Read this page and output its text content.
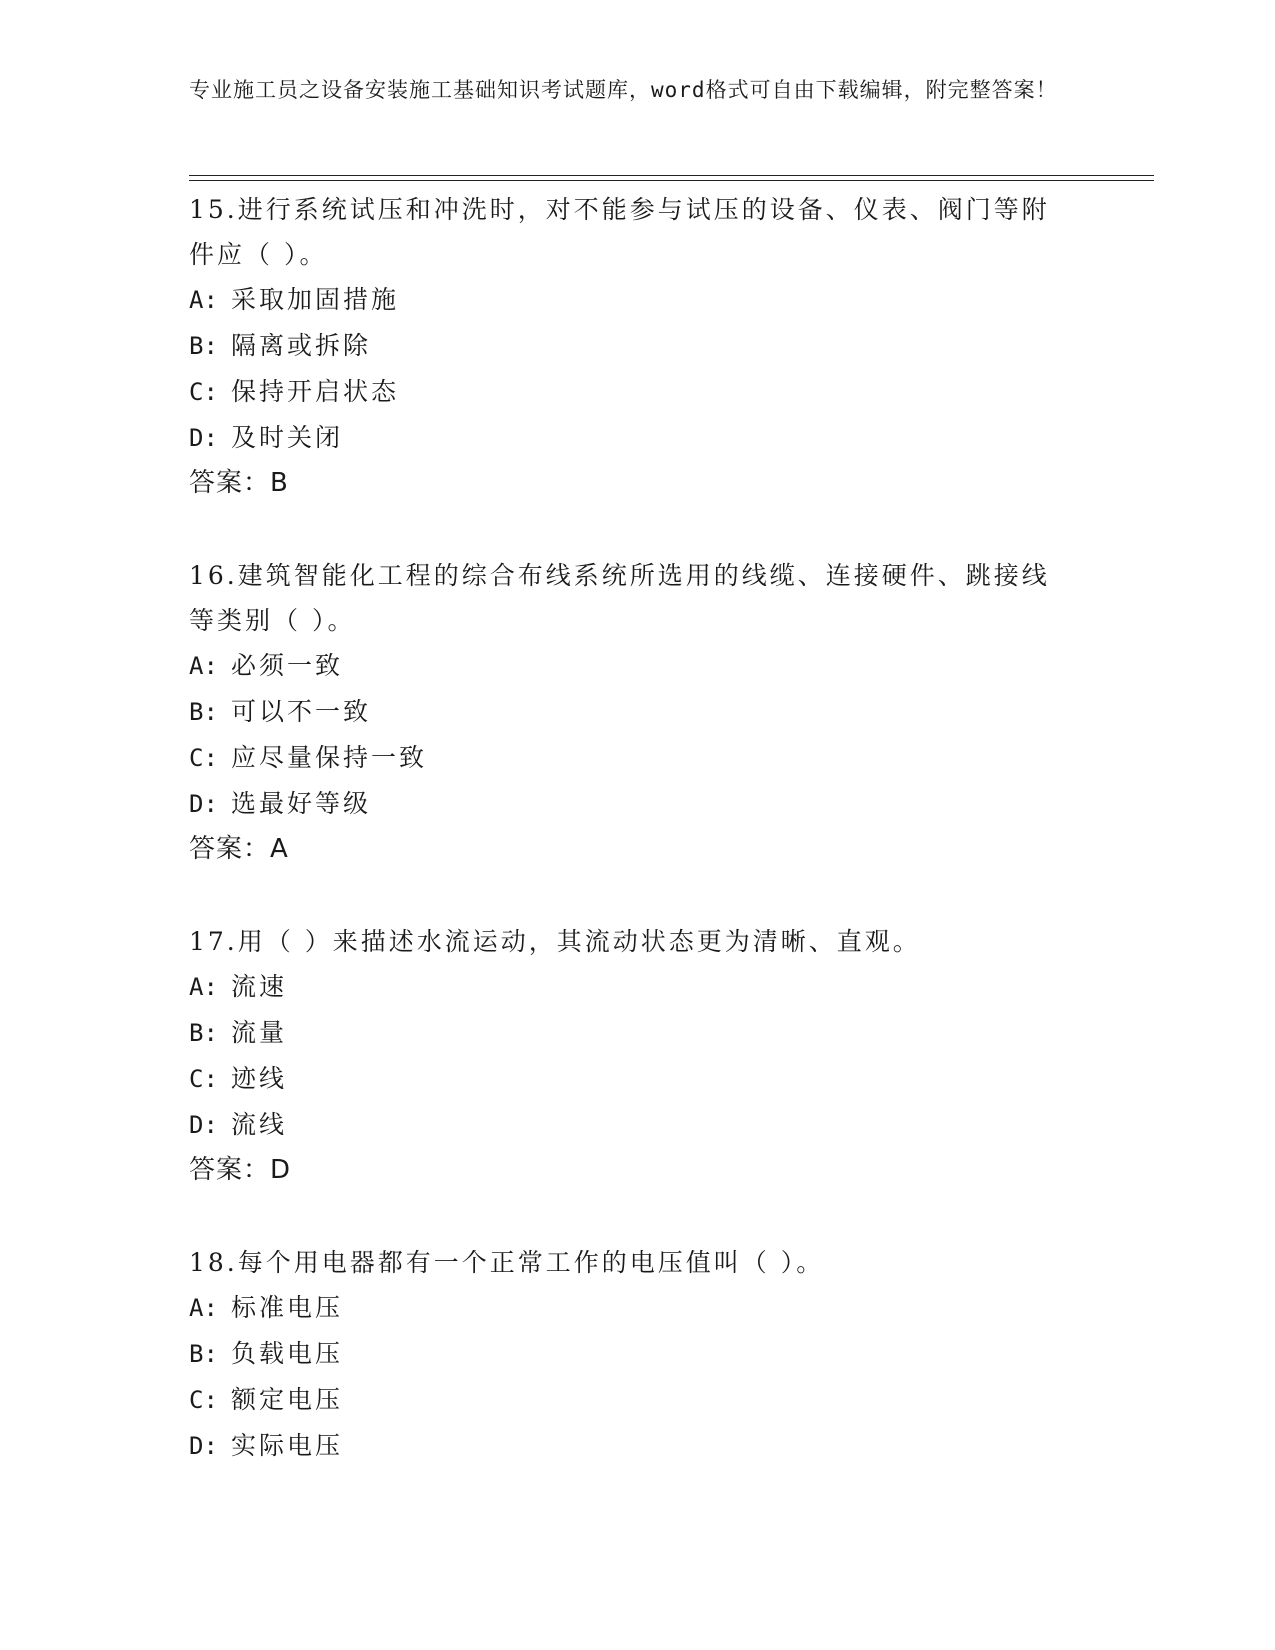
专业施工员之设备安装施工基础知识考试题库，word格式可自由下载编辑，附完整答案！
15.进行系统试压和冲洗时，对不能参与试压的设备、仪表、阀门等附件应（ ）。
A: 采取加固措施
B: 隔离或拆除
C: 保持开启状态
D: 及时关闭
答案：B
16.建筑智能化工程的综合布线系统所选用的线缆、连接硬件、跳接线等类别（ ）。
A: 必须一致
B: 可以不一致
C: 应尽量保持一致
D: 选最好等级
答案：A
17.用（ ）来描述水流运动，其流动状态更为清晰、直观。
A: 流速
B: 流量
C: 迹线
D: 流线
答案：D
18.每个用电器都有一个正常工作的电压值叫（ ）。
A: 标准电压
B: 负载电压
C: 额定电压
D: 实际电压
